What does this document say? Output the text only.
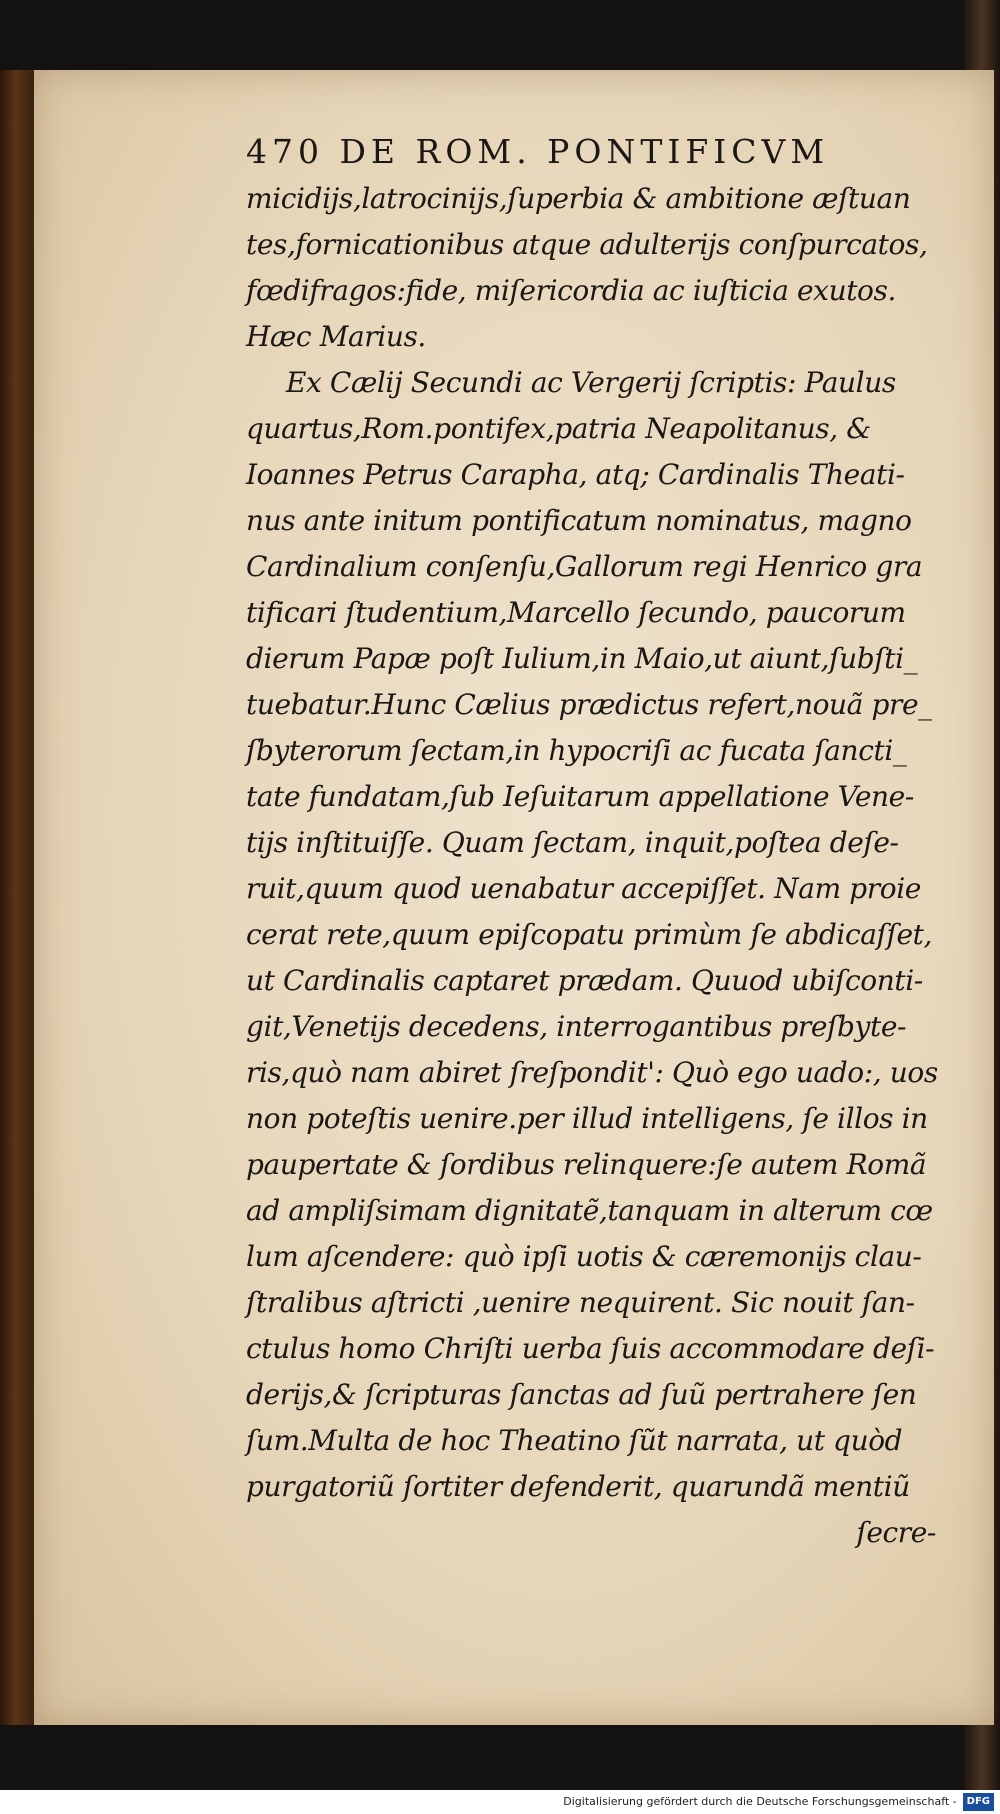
470 DE ROM. PONTIFICVM
micidijs,latrocinijs,ſuperbia & ambitione æſtuan
tes,fornicationibus atque adulterijs conſpurcatos,
fœdifragos:fide, miſericordia ac iuſticia exutos.
Hæc Marius.
Ex Cælij Secundi ac Vergerij ſcriptis: Paulus
quartus,Rom.pontifex,patria Neapolitanus, &
Ioannes Petrus Carapha, atq; Cardinalis Theati-
nus ante initum pontificatum nominatus, magno
Cardinalium conſenſu,Gallorum regi Henrico gra
tificari ſtudentium,Marcello ſecundo, paucorum
dierum Papæ poſt Iulium,in Maio,ut aiunt,ſubſti_
tuebatur.Hunc Cælius prædictus refert,nouã pre_
ſbyterorum ſectam,in hypocriſi ac fucata ſancti_
tate fundatam,ſub Ieſuitarum appellatione Vene-
tijs inſtituiſſe. Quam ſectam, inquit,poſtea deſe-
ruit,quum quod uenabatur accepiſſet. Nam proie
cerat rete,quum epiſcopatu primùm ſe abdicaſſet,
ut Cardinalis captaret prædam. Quuod ubiſconti-
git,Venetijs decedens, interrogantibus preſbyte-
ris,quò nam abiret ſreſpondit': Quò ego uado:, uos
non poteſtis uenire.per illud intelligens, ſe illos in
paupertate & ſordibus relinquere:ſe autem Romã
ad ampliſsimam dignitatẽ,tanquam in alterum cœ
lum aſcendere: quò ipſi uotis & cæremonijs clau-
ſtralibus aſtricti ,uenire nequirent. Sic nouit ſan-
ctulus homo Chriſti uerba ſuis accommodare deſi-
derijs,& ſcripturas ſanctas ad ſuũ pertrahere ſen
ſum.Multa de hoc Theatino ſũt narrata, ut quòd
purgatoriũ ſortiter defenderit, quarundã mentiũ
ſecre-
Digitalisierung gefördert durch die Deutsche Forschungsgemeinschaft - DFG
